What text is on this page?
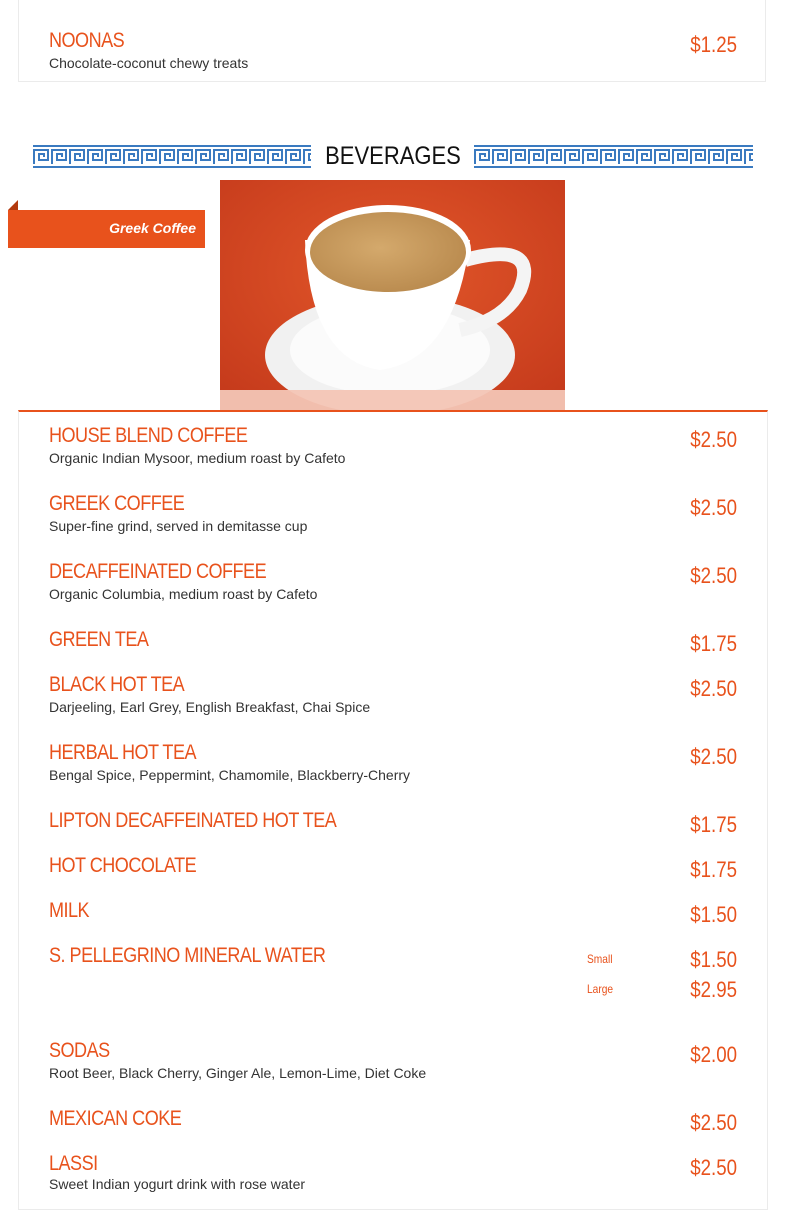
NOONAS
Chocolate-coconut chewy treats
$1.25
BEVERAGES
Greek Coffee
HOUSE BLEND COFFEE
Organic Indian Mysoor, medium roast by Cafeto
$2.50
GREEK COFFEE
Super-fine grind, served in demitasse cup
$2.50
DECAFFEINATED COFFEE
Organic Columbia, medium roast by Cafeto
$2.50
GREEN TEA	$1.75
BLACK HOT TEA
Darjeeling, Earl Grey, English Breakfast, Chai Spice
$2.50
HERBAL HOT TEA
Bengal Spice, Peppermint, Chamomile, Blackberry-Cherry
$2.50
LIPTON DECAFFEINATED HOT TEA	$1.75
HOT CHOCOLATE	$1.75
MILK	$1.50
S. PELLEGRINO MINERAL WATER	Small	$1.50
Large	$2.95
SODAS
Root Beer, Black Cherry, Ginger Ale, Lemon-Lime, Diet Coke
$2.00
MEXICAN COKE	$2.50
LASSI
Sweet Indian yogurt drink with rose water
$2.50
